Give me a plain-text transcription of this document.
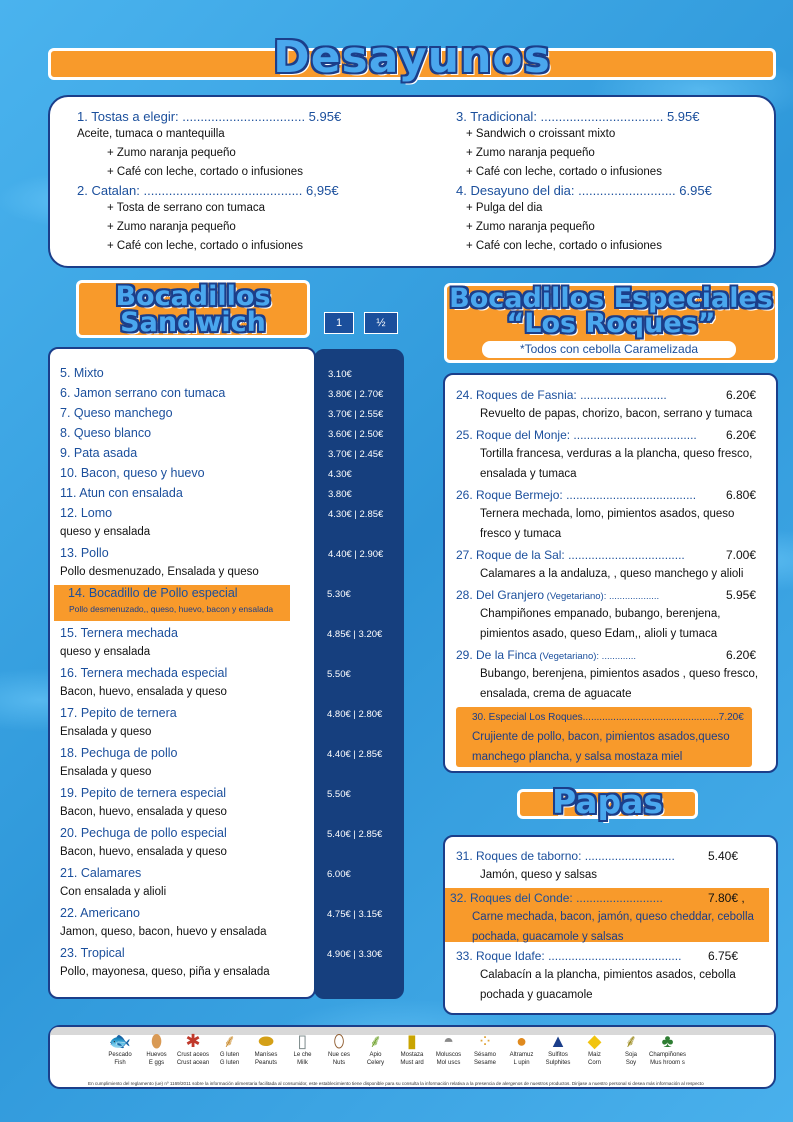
Desayunos
1. Tostas a elegir: .................................. 5.95€
Aceite, tumaca o mantequilla
+ Zumo naranja pequeño
+ Café con leche, cortado o infusiones
2. Catalan: ............................................ 6,95€
+ Tosta de serrano con tumaca
+ Zumo naranja pequeño
+ Café con leche, cortado o infusiones
3. Tradicional: .................................. 5.95€
+ Sandwich o croissant mixto
+ Zumo naranja pequeño
+ Café con leche, cortado o infusiones
4. Desayuno del dia: ........................... 6.95€
+ Pulga del dia
+ Zumo naranja pequeño
+ Café con leche, cortado o infusiones
Bocadillos
Sandwich	1	½
5. Mixto	3.10€
6. Jamon serrano con tumaca	3.80€ | 2.70€
7. Queso manchego	3.70€ | 2.55€
8. Queso blanco	3.60€ | 2.50€
9. Pata asada	3.70€ | 2.45€
10. Bacon, queso y huevo	4.30€
11. Atun con ensalada	3.80€
12. Lomo	4.30€ | 2.85€
queso y ensalada
13. Pollo	4.40€ | 2.90€
Pollo desmenuzado, Ensalada y queso
14. Bocadillo de Pollo especial	5.30€
Pollo desmenuzado,, queso, huevo, bacon y ensalada
15. Ternera mechada	4.85€ | 3.20€
queso y ensalada
16. Ternera mechada especial	5.50€
Bacon, huevo, ensalada y queso
17. Pepito de ternera	4.80€ | 2.80€
Ensalada y queso
18. Pechuga de pollo	4.40€ | 2.85€
Ensalada y queso
19. Pepito de ternera especial	5.50€
Bacon, huevo, ensalada y queso
20. Pechuga de pollo especial	5.40€ | 2.85€
Bacon, huevo, ensalada y queso
21. Calamares	6.00€
Con ensalada y alioli
22. Americano	4.75€ | 3.15€
Jamon, queso, bacon, huevo y ensalada
23. Tropical	4.90€ | 3.30€
Pollo, mayonesa, queso, piña y ensalada
Bocadillos Especiales
“Los Roques”
*Todos con cebolla Caramelizada
24. Roques de Fasnia: ..........................	6.20€
Revuelto de papas, chorizo, bacon, serrano y tumaca
25. Roque del Monje: ..................................... 6.20€
Tortilla francesa, verduras a la plancha, queso fresco,
ensalada y tumaca
26. Roque Bermejo: ....................................... 6.80€
Ternera mechada, lomo, pimientos asados, queso
fresco y tumaca
27. Roque de la Sal: ...................................	7.00€
Calamares a la andaluza, , queso manchego y alioli
28. Del Granjero (Vegetariano): ...................	5.95€
Champiñones empanado, bubango, berenjena,
pimientos asado, queso Edam,, alioli y tumaca
29. De la Finca (Vegetariano): .............	6.20€
Bubango, berenjena, pimientos asados , queso fresco,
ensalada, crema de aguacate
30. Especial Los Roques.................................................7.20€
Crujiente de pollo, bacon, pimientos asados,queso
manchego plancha, y salsa mostaza miel
Papas
31. Roques de taborno: ...........................	5.40€
Jamón, queso y salsas
32. Roques del Conde: ..........................	7.80€ ,
Carne mechada, bacon, jamón, queso cheddar, cebolla
pochada, guacamole y salsas
33. Roque Idafe: ........................................ 6.75€
Calabacín a la plancha, pimientos asados, cebolla
pochada y guacamole
🐟
Pescado
Fish
⬮
Huevos
E ggs
✱
Crust aceos
Crust acean
⸙
G luten
G luten
⬬
Maníses
Peanuts
▯
Le che
Milk
⬯
Nue ces
Nuts
⸙
Apio
Celery
▮
Mostaza
Must ard
◓
Moluscos
Mol uscs
⁘
Sésamo
Sesame
●
Altramuz
L upin
▲
Sulfitos
Sulphites
◆
Maiz
Corn
⸙
Soja
Soy
♣
Champiñones
Mus hroom s
En cumplimiento del reglamento (ue) nº 1169/2011 sobre la información alimentaria facilitada al consumidor, este establecimiento tiene disponible para su consulta la información relativa a la presencia de alergenos de nuestros productos. Dirijase a nuestro personal si desea más información al respecto
